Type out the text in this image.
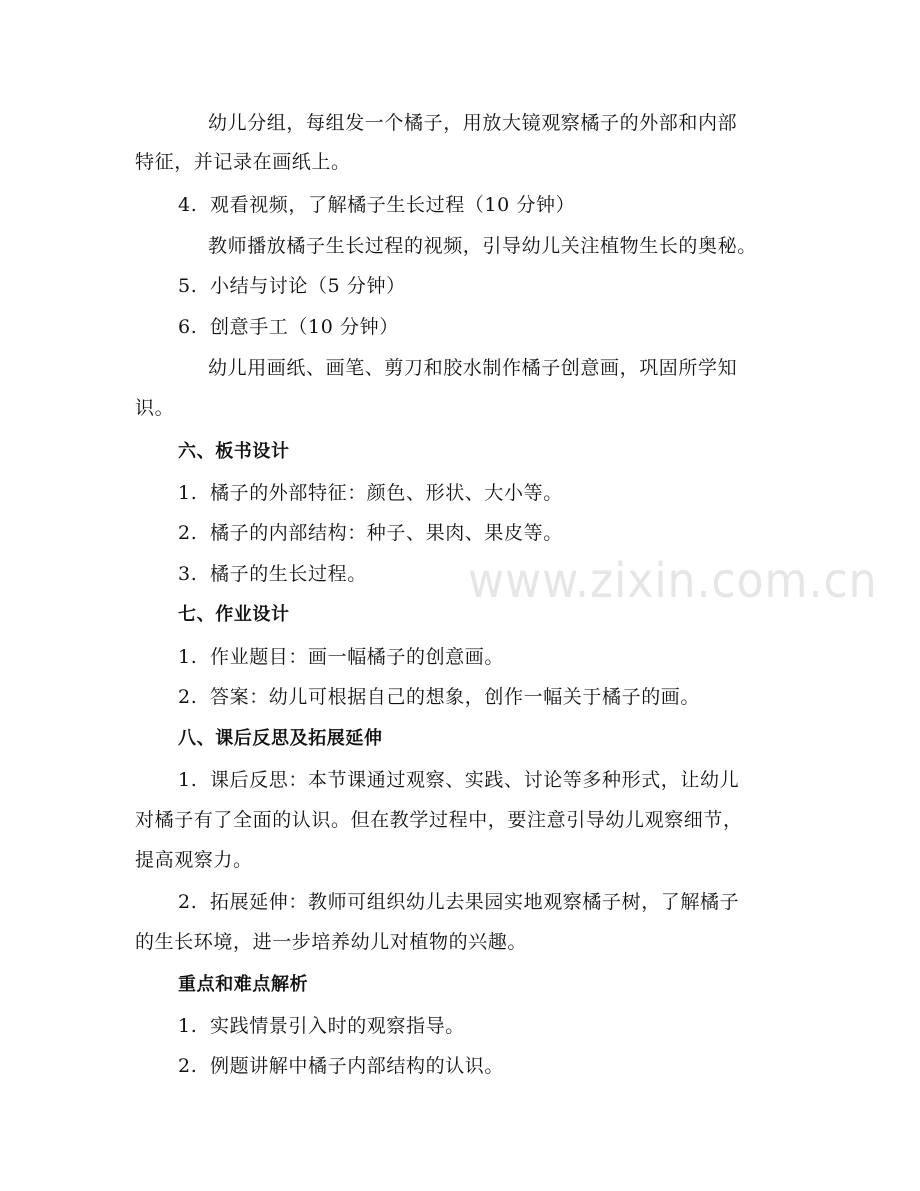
www.zixin.com.cn
幼儿分组，每组发一个橘子，用放大镜观察橘子的外部和内部
特征，并记录在画纸上。
4. 观看视频，了解橘子生长过程（10 分钟）
教师播放橘子生长过程的视频，引导幼儿关注植物生长的奥秘。
5. 小结与讨论（5 分钟）
6. 创意手工（10 分钟）
幼儿用画纸、画笔、剪刀和胶水制作橘子创意画，巩固所学知
识。
六、板书设计
1. 橘子的外部特征：颜色、形状、大小等。
2. 橘子的内部结构：种子、果肉、果皮等。
3. 橘子的生长过程。
七、作业设计
1. 作业题目：画一幅橘子的创意画。
2. 答案：幼儿可根据自己的想象，创作一幅关于橘子的画。
八、课后反思及拓展延伸
1. 课后反思：本节课通过观察、实践、讨论等多种形式，让幼儿
对橘子有了全面的认识。但在教学过程中，要注意引导幼儿观察细节，
提高观察力。
2. 拓展延伸：教师可组织幼儿去果园实地观察橘子树，了解橘子
的生长环境，进一步培养幼儿对植物的兴趣。
重点和难点解析
1. 实践情景引入时的观察指导。
2. 例题讲解中橘子内部结构的认识。
